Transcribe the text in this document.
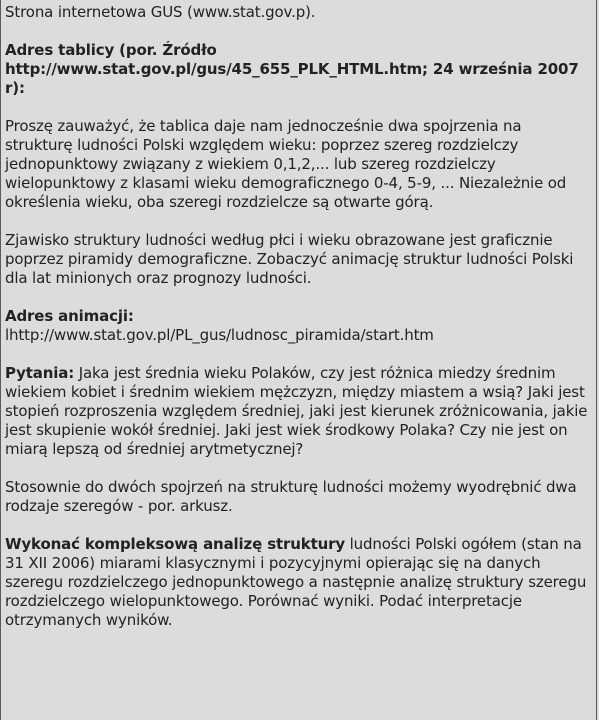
Strona internetowa GUS (www.stat.gov.p).
Adres tablicy (por. Źródło http://www.stat.gov.pl/gus/45_655_PLK_HTML.htm; 24 września 2007 r):
Proszę zauważyć, że tablica daje nam jednocześnie dwa spojrzenia na strukturę ludności Polski względem wieku: poprzez szereg rozdzielczy jednopunktowy związany z wiekiem 0,1,2,... lub szereg rozdzielczy wielopunktowy z klasami wieku demograficznego 0-4, 5-9, ... Niezależnie od określenia wieku, oba szeregi rozdzielcze są otwarte górą.
Zjawisko struktury ludności według płci i wieku obrazowane jest graficznie poprzez piramidy demograficzne. Zobaczyć animację struktur ludności Polski dla lat minionych oraz prognozy ludności.
Adres animacji:
lhttp://www.stat.gov.pl/PL_gus/ludnosc_piramida/start.htm
Pytania: Jaka jest średnia wieku Polaków, czy jest różnica miedzy średnim wiekiem kobiet i średnim wiekiem mężczyzn, między miastem a wsią? Jaki jest stopień rozproszenia względem średniej, jaki jest kierunek zróżnicowania, jakie jest skupienie wokół średniej. Jaki jest wiek środkowy Polaka? Czy nie jest on miarą lepszą od średniej arytmetycznej?
Stosownie do dwóch spojrzeń na strukturę ludności możemy wyodrębnić dwa rodzaje szeregów - por. arkusz.
Wykonać kompleksową analizę struktury ludności Polski ogółem (stan na 31 XII 2006) miarami klasycznymi i pozycyjnymi opierając się na danych szeregu rozdzielczego jednopunktowego a następnie analizę struktury szeregu rozdzielczego wielopunktowego. Porównać wyniki. Podać interpretacje otrzymanych wyników.
